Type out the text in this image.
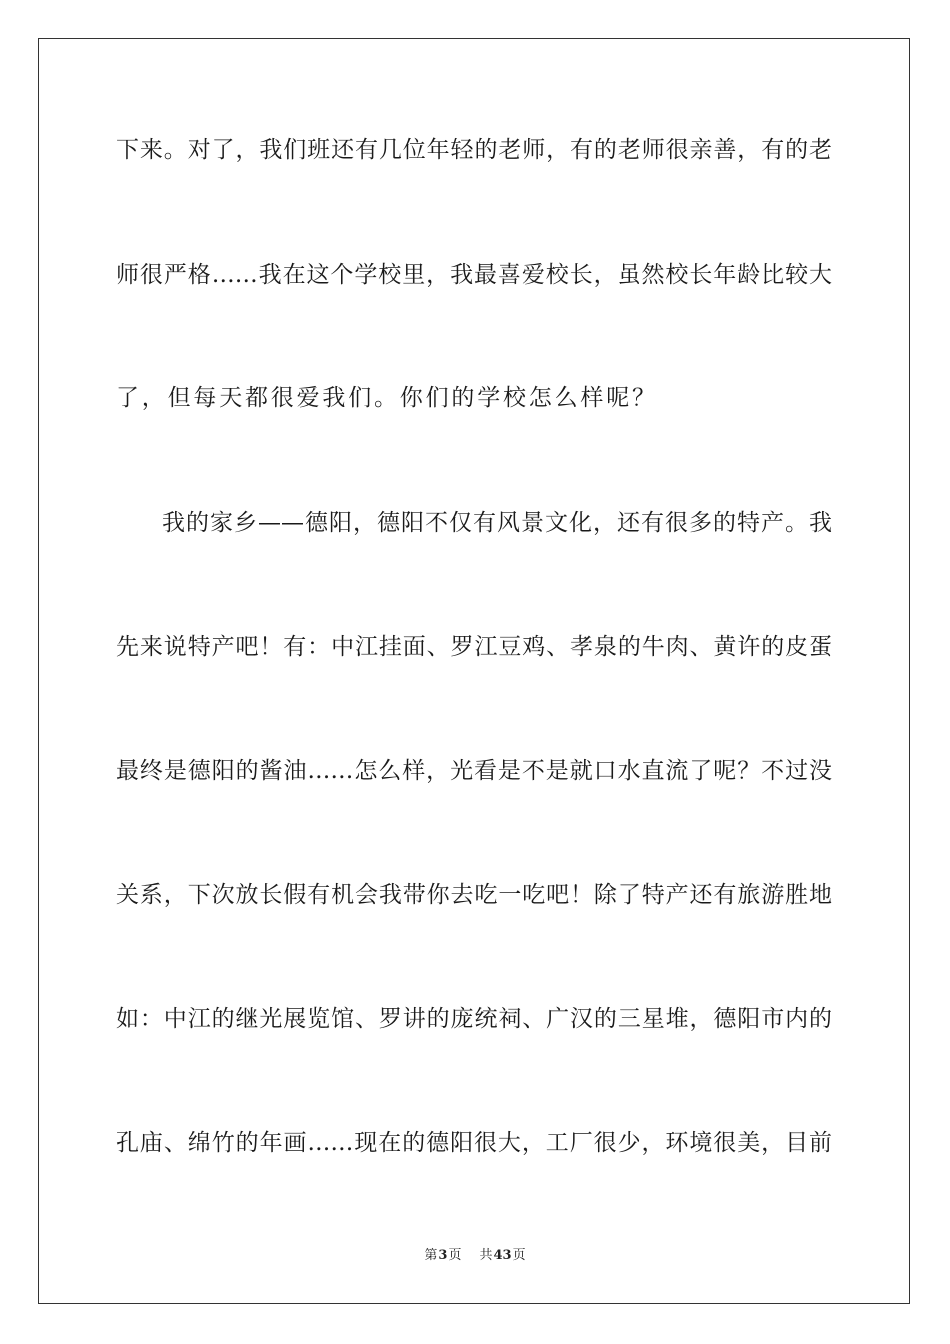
下来。对了，我们班还有几位年轻的老师，有的老师很亲善，有的老
师很严格……我在这个学校里，我最喜爱校长，虽然校长年龄比较大
了，但每天都很爱我们。你们的学校怎么样呢？
我的家乡——德阳，德阳不仅有风景文化，还有很多的特产。我
先来说特产吧！有：中江挂面、罗江豆鸡、孝泉的牛肉、黄许的皮蛋
最终是德阳的酱油……怎么样，光看是不是就口水直流了呢？不过没
关系，下次放长假有机会我带你去吃一吃吧！除了特产还有旅游胜地
如：中江的继光展览馆、罗讲的庞统祠、广汉的三星堆，德阳市内的
孔庙、绵竹的年画……现在的德阳很大，工厂很少，环境很美，目前
第3页 共43页
